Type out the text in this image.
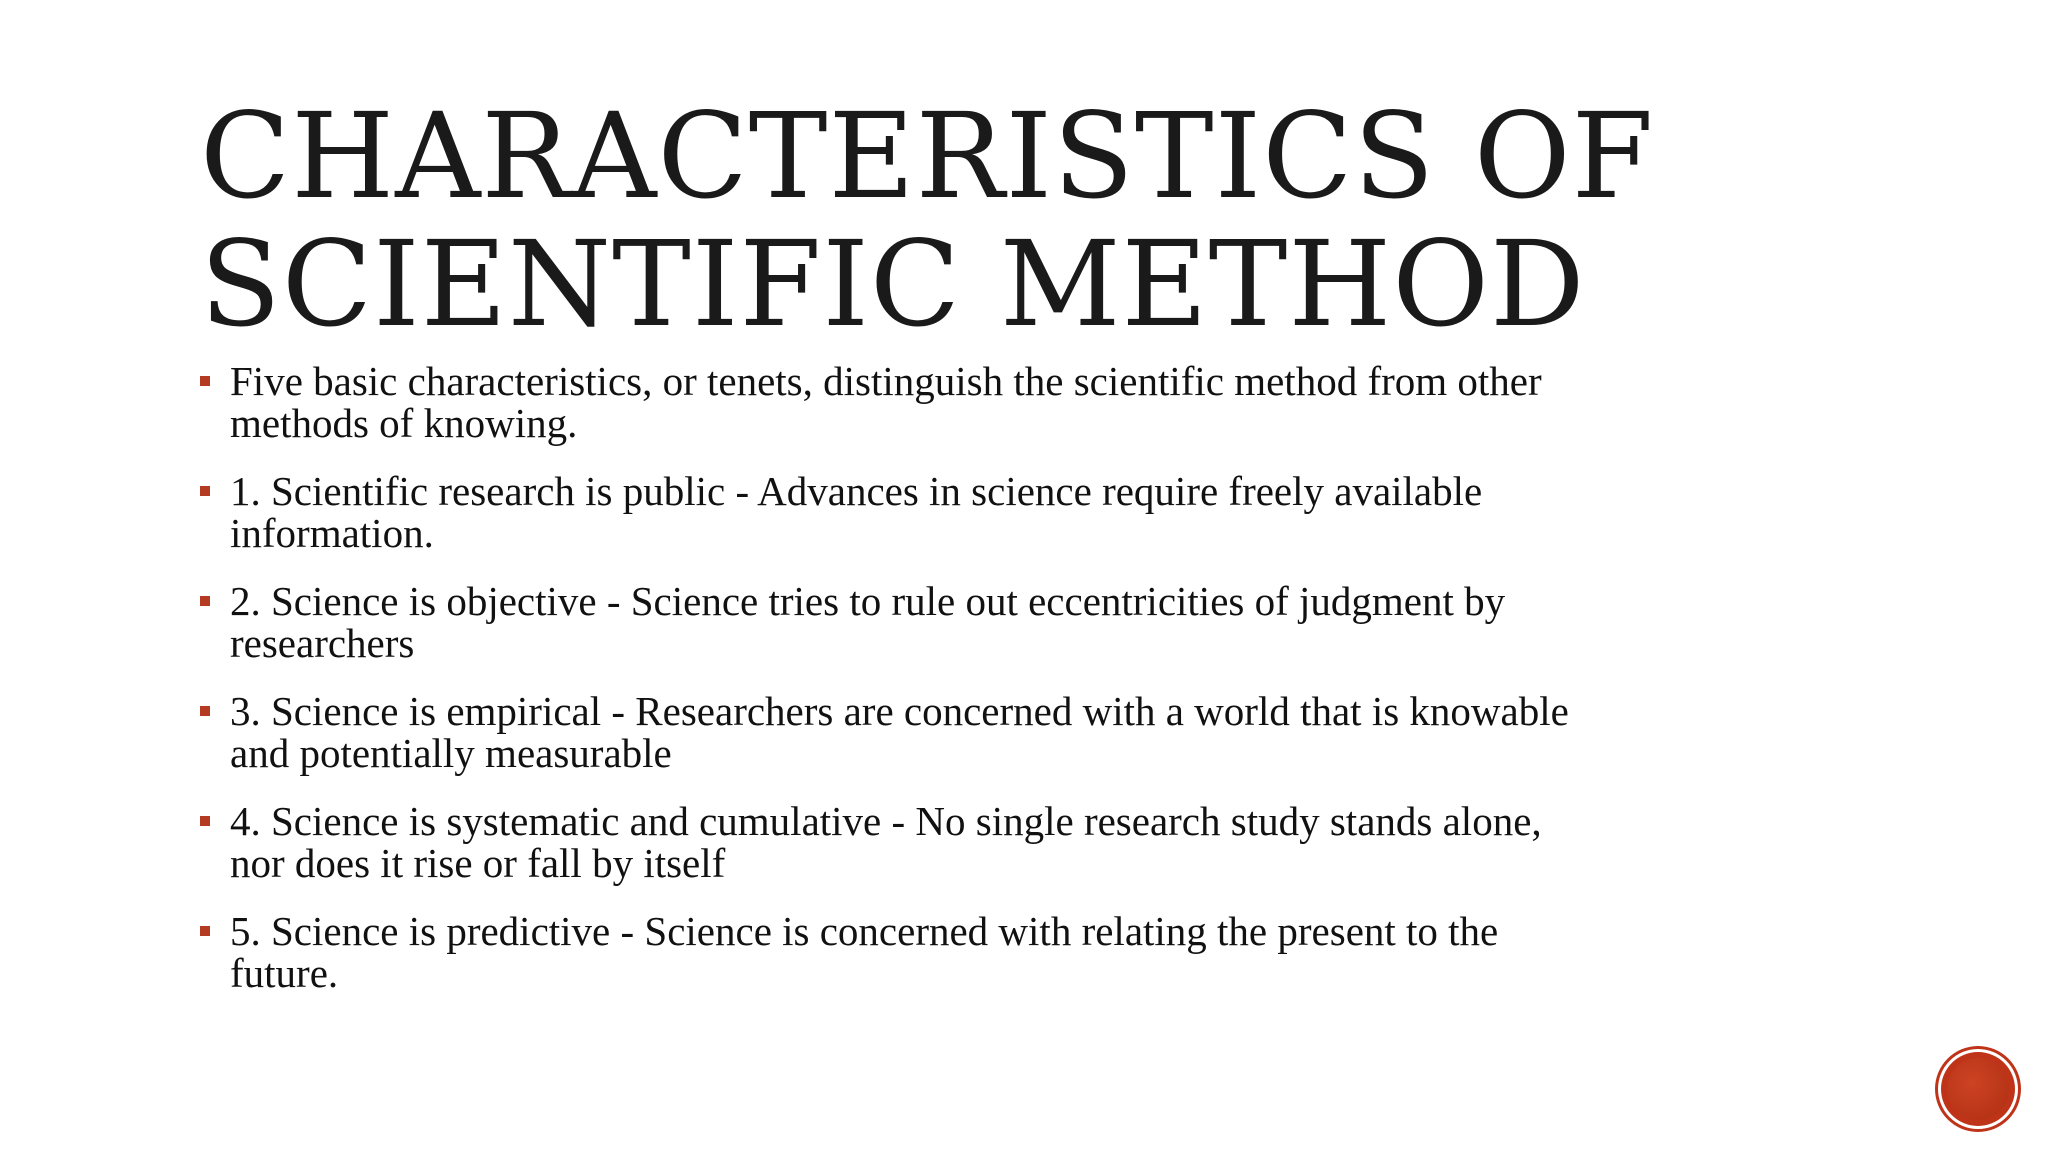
CHARACTERISTICS OF
SCIENTIFIC METHOD
Five basic characteristics, or tenets, distinguish the scientific method from other
methods of knowing.
1. Scientific research is public - Advances in science require freely available
information.
2. Science is objective - Science tries to rule out eccentricities of judgment by
researchers
3. Science is empirical - Researchers are concerned with a world that is knowable
and potentially measurable
4. Science is systematic and cumulative - No single research study stands alone,
nor does it rise or fall by itself
5. Science is predictive - Science is concerned with relating the present to the
future.
